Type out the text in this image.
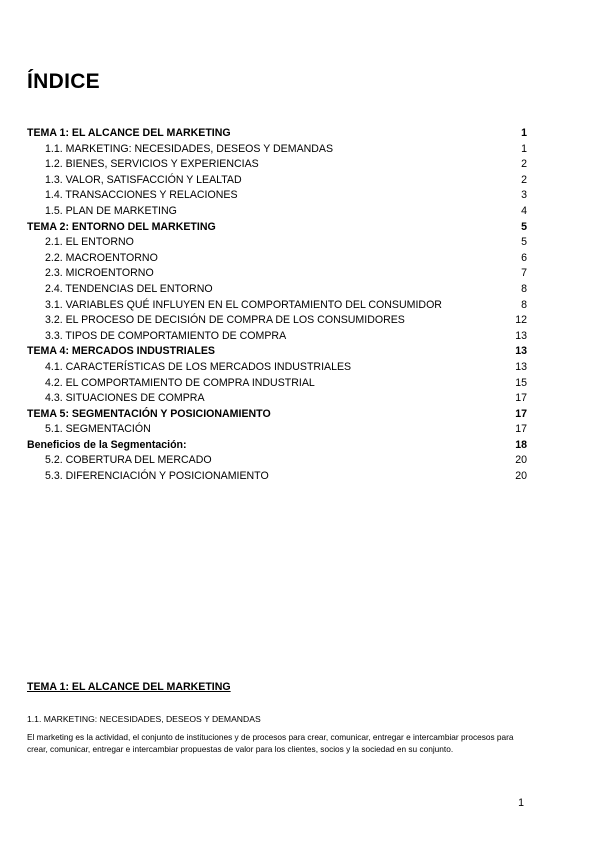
ÍNDICE
TEMA 1: EL ALCANCE DEL MARKETING	1
1.1. MARKETING: NECESIDADES, DESEOS Y DEMANDAS	1
1.2. BIENES, SERVICIOS Y EXPERIENCIAS	2
1.3. VALOR, SATISFACCIÓN Y LEALTAD	2
1.4. TRANSACCIONES Y RELACIONES	3
1.5. PLAN DE MARKETING	4
TEMA 2: ENTORNO DEL MARKETING	5
2.1. EL ENTORNO	5
2.2. MACROENTORNO	6
2.3. MICROENTORNO	7
2.4. TENDENCIAS DEL ENTORNO	8
3.1. VARIABLES QUÉ INFLUYEN EN EL COMPORTAMIENTO DEL CONSUMIDOR	8
3.2. EL PROCESO DE DECISIÓN DE COMPRA DE LOS CONSUMIDORES	12
3.3. TIPOS DE COMPORTAMIENTO DE COMPRA	13
TEMA 4: MERCADOS INDUSTRIALES	13
4.1. CARACTERÍSTICAS DE LOS MERCADOS INDUSTRIALES	13
4.2. EL COMPORTAMIENTO DE COMPRA INDUSTRIAL	15
4.3. SITUACIONES DE COMPRA	17
TEMA 5: SEGMENTACIÓN Y POSICIONAMIENTO	17
5.1. SEGMENTACIÓN	17
Beneficios de la Segmentación:	18
5.2. COBERTURA DEL MERCADO	20
5.3. DIFERENCIACIÓN Y POSICIONAMIENTO	20
TEMA 1: EL ALCANCE DEL MARKETING
1.1. MARKETING: NECESIDADES, DESEOS Y DEMANDAS
El marketing es la actividad, el conjunto de instituciones y de procesos para crear, comunicar, entregar e intercambiar procesos para crear, comunicar, entregar e intercambiar propuestas de valor para los clientes, socios y la sociedad en su conjunto.
1
